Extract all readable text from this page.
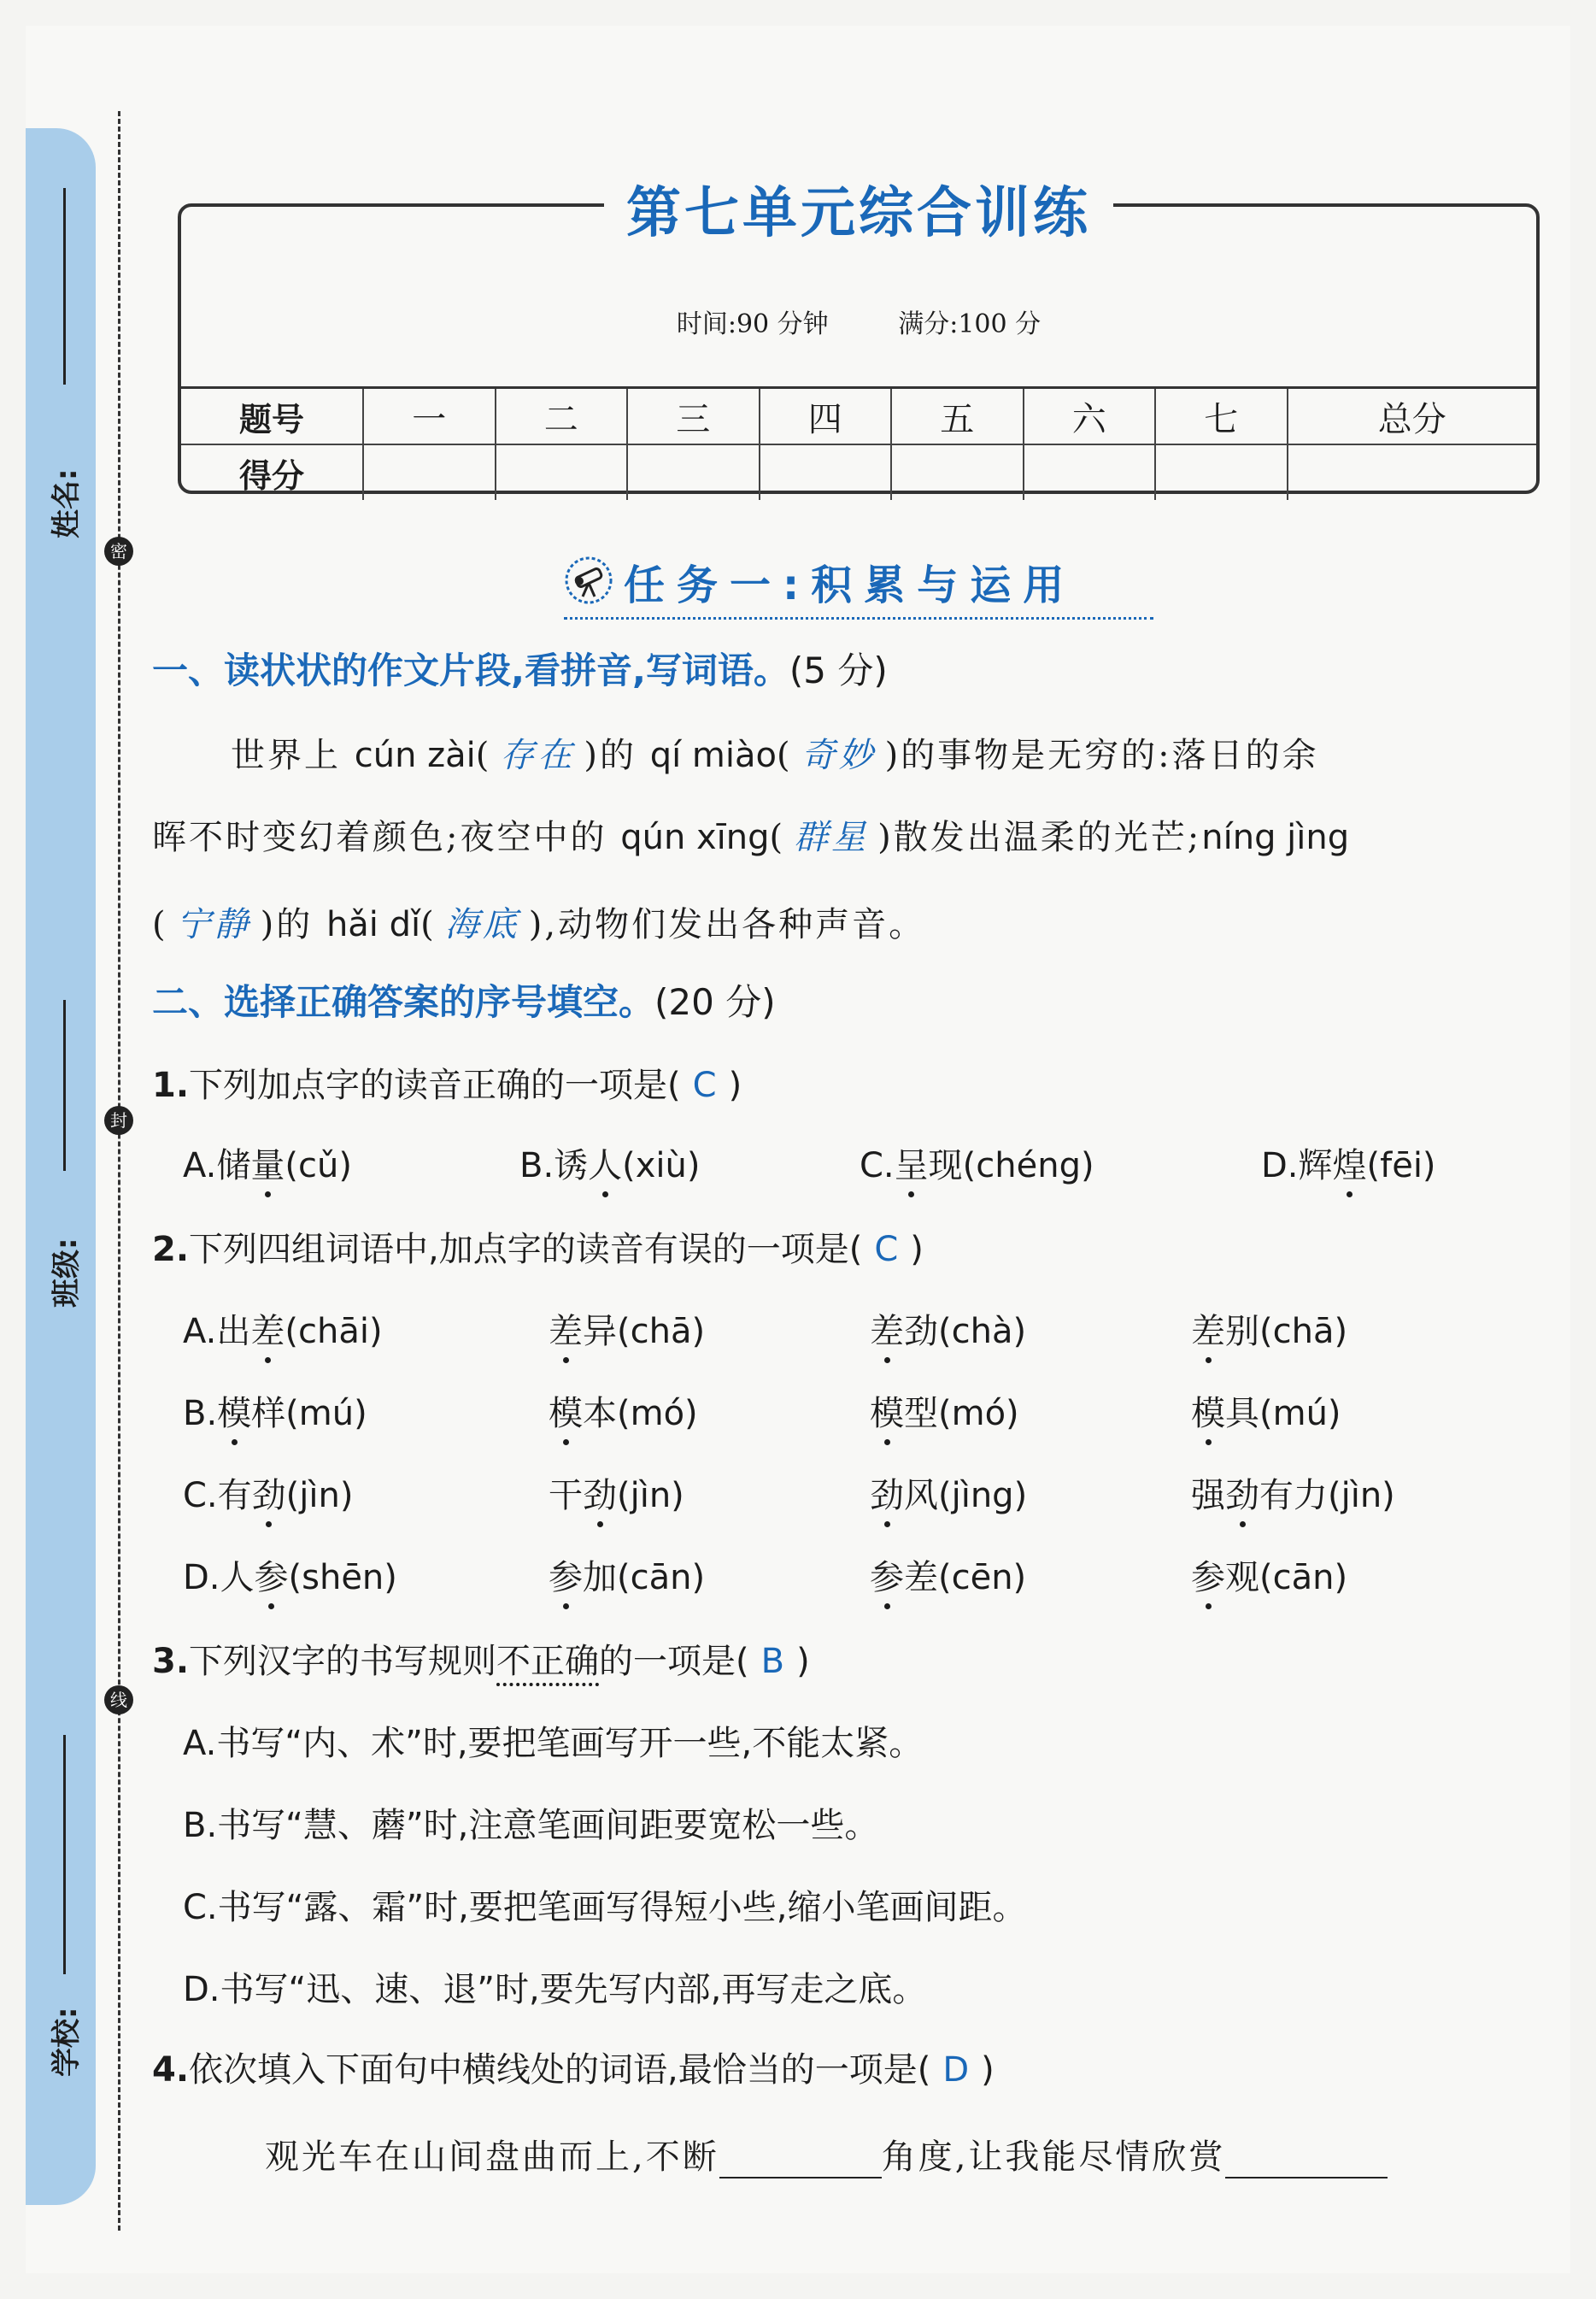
密
封
线
姓名:
班级:
学校:
第七单元综合训练
时间:90 分钟	满分:100 分
题号	一	二	三	四	五	六	七	总分
得分								
任务一:积累与运用
一、读状状的作文片段,看拼音,写词语。(5 分)
世界上 cún zài( 存在 )的 qí miào( 奇妙 )的事物是无穷的:落日的余
晖不时变幻着颜色;夜空中的 qún xīng( 群星 )散发出温柔的光芒;níng jìng
( 宁静 )的 hǎi dǐ( 海底 ),动物们发出各种声音。
二、选择正确答案的序号填空。(20 分)
1.下列加点字的读音正确的一项是( C )
A.储量(cǔ)	B.诱人(xiù)	C.呈现(chéng)	D.辉煌(fēi)
2.下列四组词语中,加点字的读音有误的一项是( C )
A.出差(chāi)	差异(chā)	差劲(chà)	差别(chā)
B.模样(mú)	模本(mó)	模型(mó)	模具(mú)
C.有劲(jìn)	干劲(jìn)	劲风(jìng)	强劲有力(jìn)
D.人参(shēn)	参加(cān)	参差(cēn)	参观(cān)
3.下列汉字的书写规则不正确的一项是( B )
A.书写“内、术”时,要把笔画写开一些,不能太紧。
B.书写“慧、蘑”时,注意笔画间距要宽松一些。
C.书写“露、霜”时,要把笔画写得短小些,缩小笔画间距。
D.书写“迅、速、退”时,要先写内部,再写走之底。
4.依次填入下面句中横线处的词语,最恰当的一项是( D )
观光车在山间盘曲而上,不断	角度,让我能尽情欣赏
